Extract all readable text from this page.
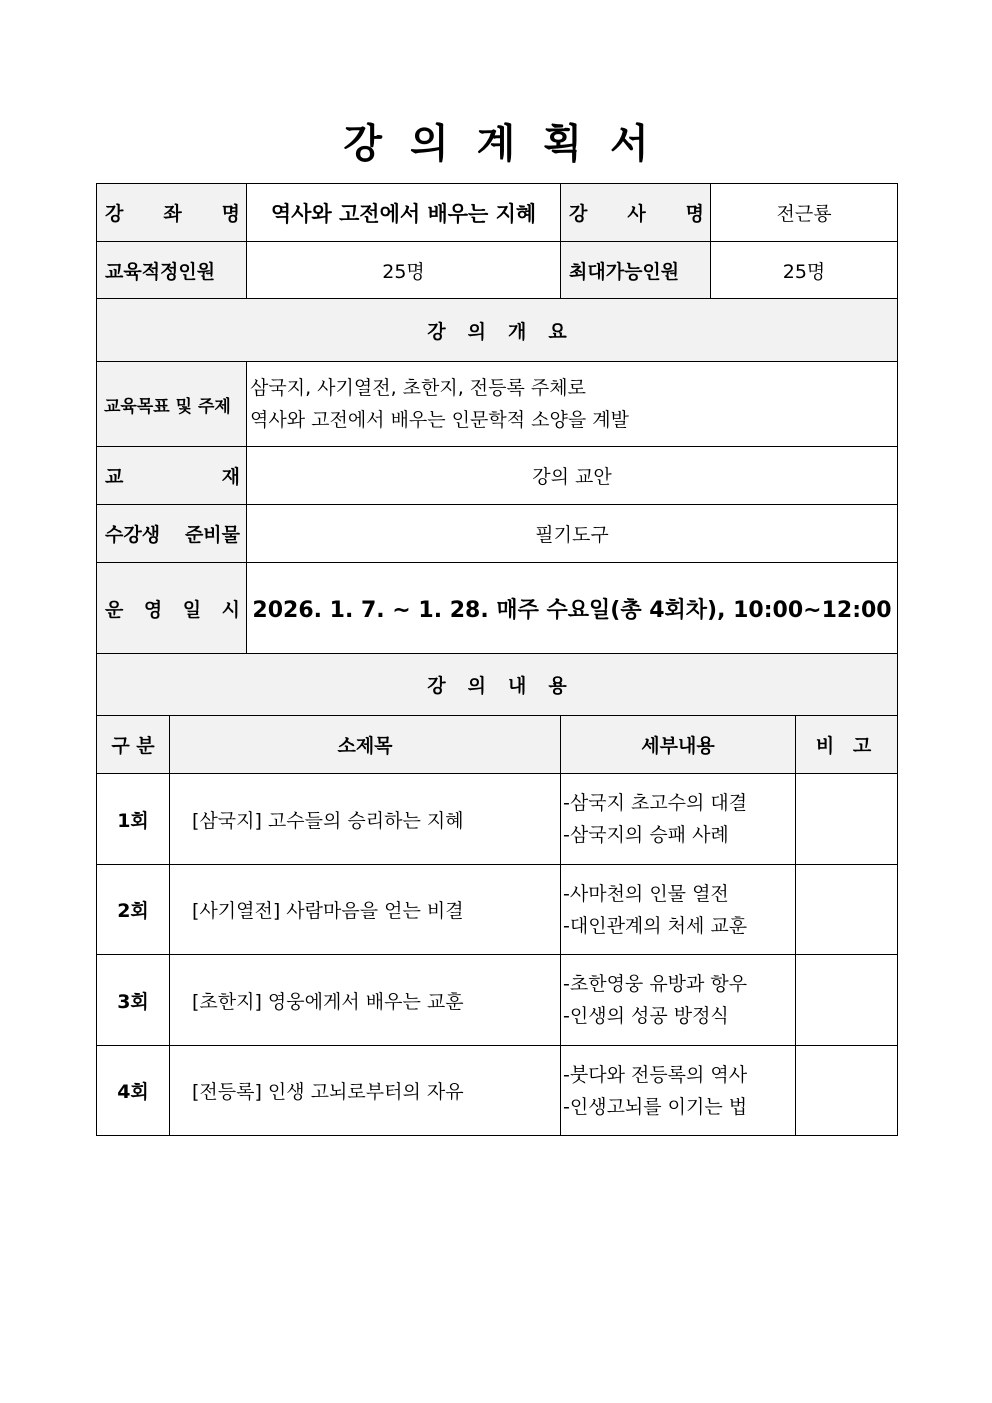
강의계획서
강 좌 명		역사와 고전에서 배우는 지혜	강 사 명	전근룡	
교육적정인원		25명	최대가능인원	25명	
강의개요					
교육목표 및 주제		삼국지, 사기열전, 초한지, 전등록 주체로
역사와 고전에서 배우는 인문학적 소양을 계발			

교 재		강의 교안			
수강생 준비물		필기도구			
운 영 일 시		2026. 1. 7. ~ 1. 28. 매주 수요일(총 4회차), 10:00~12:00			
강의내용					
구 분	소제목		세부내용		비 고
1회	[삼국지] 고수들의 승리하는 지혜		-삼국지 초고수의 대결
-삼국지의 승패 사례		

2회	[사기열전] 사람마음을 얻는 비결		-사마천의 인물 열전
-대인관계의 처세 교훈		

3회	[초한지] 영웅에게서 배우는 교훈		-초한영웅 유방과 항우
-인생의 성공 방정식		

4회	[전등록] 인생 고뇌로부터의 자유		-붓다와 전등록의 역사
-인생고뇌를 이기는 법		
